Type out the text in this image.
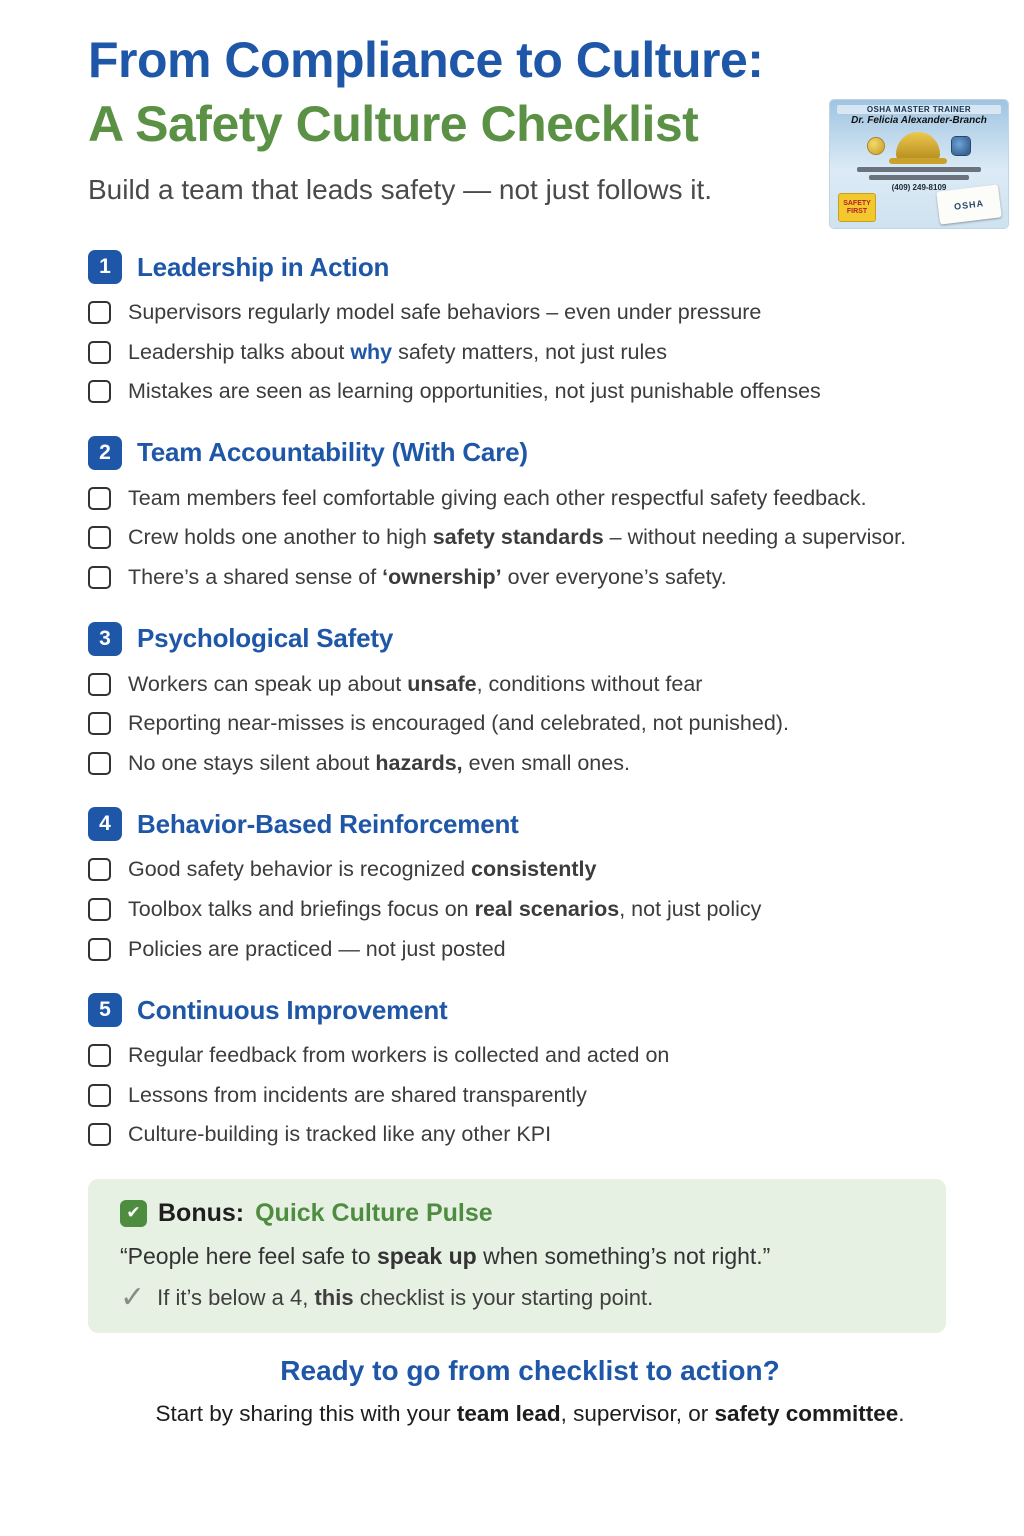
From Compliance to Culture:
A Safety Culture Checklist
Build a team that leads safety — not just follows it.
OSHA MASTER TRAINER
Dr. Felicia Alexander-Branch
(409) 249-8109
SAFETY
FIRST	OSHA
1	Leadership in Action
Supervisors regularly model safe behaviors – even under pressure
Leadership talks about why safety matters, not just rules
Mistakes are seen as learning opportunities, not just punishable offenses
2	Team Accountability (With Care)
Team members feel comfortable giving each other respectful safety feedback.
Crew holds one another to high safety standards – without needing a supervisor.
There’s a shared sense of ‘ownership’ over everyone’s safety.
3	Psychological Safety
Workers can speak up about unsafe, conditions without fear
Reporting near-misses is encouraged (and celebrated, not punished).
No one stays silent about hazards, even small ones.
4	Behavior-Based Reinforcement
Good safety behavior is recognized consistently
Toolbox talks and briefings focus on real scenarios, not just policy
Policies are practiced — not just posted
5	Continuous Improvement
Regular feedback from workers is collected and acted on
Lessons from incidents are shared transparently
Culture-building is tracked like any other KPI
✔ Bonus: Quick Culture Pulse
“People here feel safe to speak up when something’s not right.”
✓ If it’s below a 4, this checklist is your starting point.
Ready to go from checklist to action?
Start by sharing this with your team lead, supervisor, or safety committee.
